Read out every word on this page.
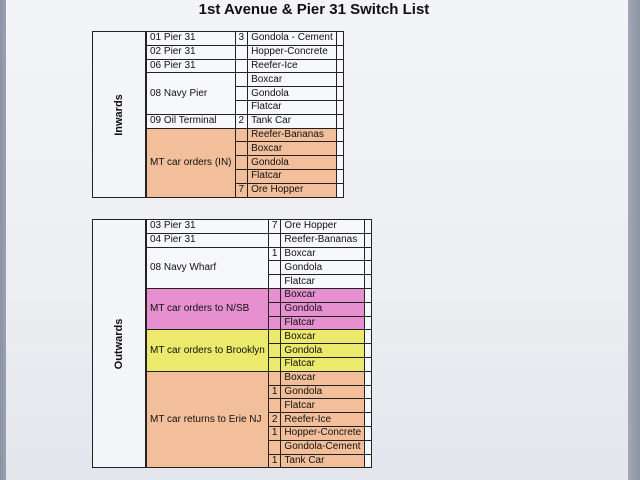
1st Avenue & Pier 31 Switch List
Inwards
01 Pier 31	3	Gondola - Cement	
02 Pier 31		Hopper-Concrete	
06 Pier 31		Reefer-Ice	
08 Navy Pier		Boxcar	
		Gondola	
		Flatcar	
09 Oil Terminal	2	Tank Car	
MT car orders (IN)		Reefer-Bananas	
		Boxcar	
		Gondola	
		Flatcar	
	7	Ore Hopper	
Outwards
03 Pier 31	7	Ore Hopper	
04 Pier 31		Reefer-Bananas	
08 Navy Wharf	1	Boxcar	
		Gondola	
		Flatcar	
MT car orders to N/SB		Boxcar	
		Gondola	
		Flatcar	
MT car orders to Brooklyn		Boxcar	
		Gondola	
		Flatcar	
MT car returns to Erie NJ		Boxcar	
	1	Gondola	
		Flatcar	
	2	Reefer-Ice	
	1	Hopper-Concrete	
		Gondola-Cement	
	1	Tank Car	
